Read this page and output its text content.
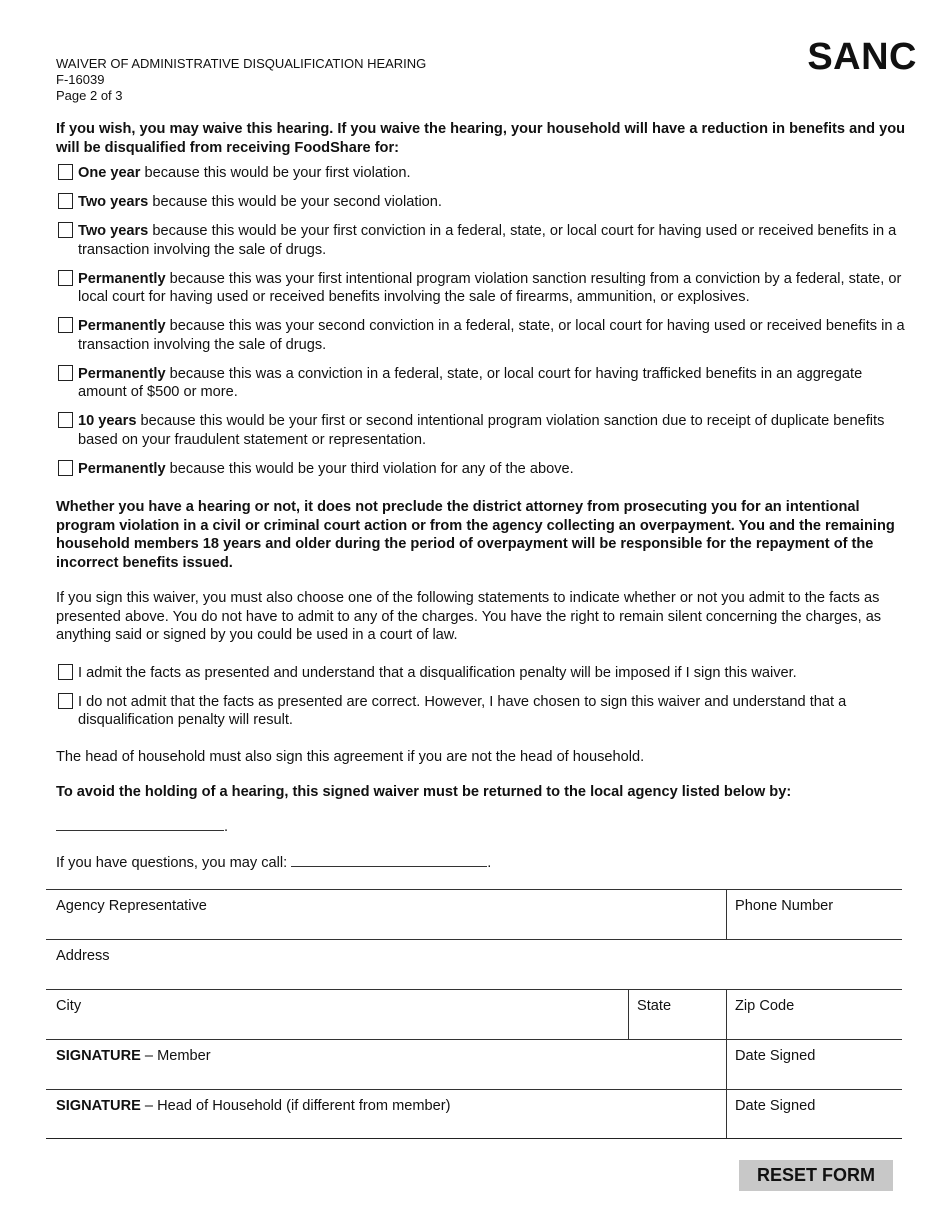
WAIVER OF ADMINISTRATIVE DISQUALIFICATION HEARING
F-16039
Page 2 of 3
SANC

If you wish, you may waive this hearing. If you waive the hearing, your household will have a reduction in benefits and you will be disqualified from receiving FoodShare for:

One year because this would be your first violation.
Two years because this would be your second violation.
Two years because this would be your first conviction in a federal, state, or local court for having used or received benefits in a transaction involving the sale of drugs.
Permanently because this was your first intentional program violation sanction resulting from a conviction by a federal, state, or local court for having used or received benefits involving the sale of firearms, ammunition, or explosives.
Permanently because this was your second conviction in a federal, state, or local court for having used or received benefits in a transaction involving the sale of drugs.
Permanently because this was a conviction in a federal, state, or local court for having trafficked benefits in an aggregate amount of $500 or more.
10 years because this would be your first or second intentional program violation sanction due to receipt of duplicate benefits based on your fraudulent statement or representation.
Permanently because this would be your third violation for any of the above.

Whether you have a hearing or not, it does not preclude the district attorney from prosecuting you for an intentional program violation in a civil or criminal court action or from the agency collecting an overpayment. You and the remaining household members 18 years and older during the period of overpayment will be responsible for the repayment of the incorrect benefits issued.

If you sign this waiver, you must also choose one of the following statements to indicate whether or not you admit to the facts as presented above. You do not have to admit to any of the charges. You have the right to remain silent concerning the charges, as anything said or signed by you could be used in a court of law.

I admit the facts as presented and understand that a disqualification penalty will be imposed if I sign this waiver.
I do not admit that the facts as presented are correct. However, I have chosen to sign this waiver and understand that a disqualification penalty will result.

The head of household must also sign this agreement if you are not the head of household.

To avoid the holding of a hearing, this signed waiver must be returned to the local agency listed below by:

.
If you have questions, you may call:	.
Agency Representative	Phone Number
Address
City	State	Zip Code
SIGNATURE – Member	Date Signed
SIGNATURE – Head of Household (if different from member)	Date Signed
RESET FORM
